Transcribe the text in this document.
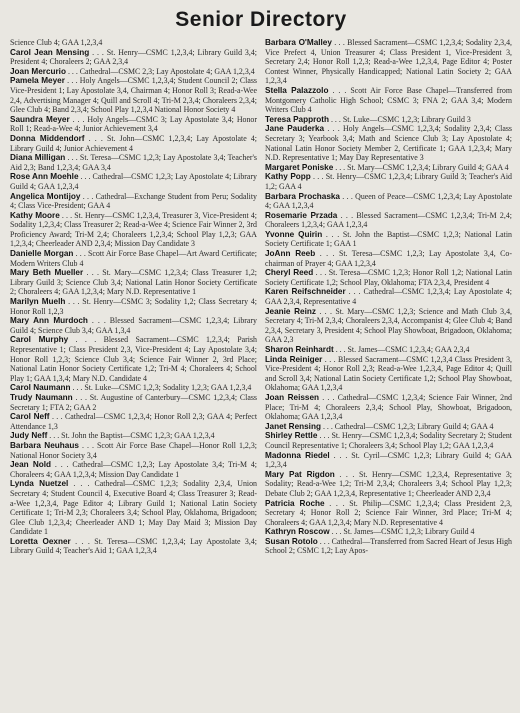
Senior Directory

Science Club 4; GAA 1,2,3,4

Carol Jean Mensing . . . St. Henry—CSMC 1,2,3,4; Library Guild 3,4; President 4; Choraleers 2; GAA 2,3,4

Joan Mercurio . . . Cathedral—CSMC 2,3; Lay Apostolate 4; GAA 1,2,3,4

Pamela Meyer . . . Holy Angels—CSMC 1,2,3,4; Student Council 2; Class Vice-President 1; Lay Apostolate 3,4, Chairman 4; Honor Roll 3; Read-a-Wee 2,4, Advertising Manager 4; Quill and Scroll 4; Tri-M 2,3,4; Choraleers 2,3,4; Glee Club 4; Band 2,3,4; School Play 1,2,3,4 National Honor Society 4

Saundra Meyer . . . Holy Angels—CSMC 3; Lay Apostolate 3,4; Honor Roll 1; Read-a-Wee 4; Junior Achievement 3,4

Donna Middendorf . . . St. John—CSMC 1,2,3,4; Lay Apostolate 4; Library Guild 4; Junior Achievement 4

Diana Milligan . . . St. Teresa—CSMC 1,2,3; Lay Apostolate 3,4; Teacher's Aid 2,3; Band 1,2,3,4; GAA 3,4

Rose Ann Moehle . . . Cathedral—CSMC 1,2,3; Lay Apostolate 4; Library Guild 4; GAA 1,2,3,4

Angelica Montijoy . . . Cathedral—Exchange Student from Peru; Sodality 4; Class Vice-President; GAA 4

Kathy Moore . . . St. Henry—CSMC 1,2,3,4, Treasurer 3, Vice-President 4; Sodality 1,2,3,4; Class Treasurer 2; Read-a-Wee 4; Science Fair Winner 2, 3rd Proficiency Award; Tri-M 2,4; Choraleers 1,2,3,4; School Play 1,2,3; GAA 1,2,3,4; Cheerleader AND 2,3,4; Mission Day Candidate 3

Danielle Morgan . . . Scott Air Force Base Chapel—Art Award Certificate; Modern Writers Club 4

Mary Beth Mueller . . . St. Mary—CSMC 1,2,3,4; Class Treasurer 1,2; Library Guild 3; Science Club 3,4; National Latin Honor Society Certificate 2; Choraleers 4; GAA 1,2,3,4; Mary N.D. Representative 1

Marilyn Muelh . . . St. Henry—CSMC 3; Sodality 1,2; Class Secretary 4; Honor Roll 1,2,3

Mary Ann Murdoch . . . Blessed Sacrament—CSMC 1,2,3,4; Library Guild 4; Science Club 3,4; GAA 1,3,4

Carol Murphy . . . Blessed Sacrament—CSMC 1,2,3,4; Parish Representative 1; Class President 2,3, Vice-President 4; Lay Apostolate 3,4; Honor Roll 1,2,3; Science Club 3,4; Science Fair Winner 2, 3rd Place; National Latin Honor Society Certificate 1,2; Tri-M 4; Choraleers 4; School Play 1; GAA 1,3,4; Mary N.D. Candidate 4

Carol Naumann . . . St. Luke—CSMC 1,2,3; Sodality 1,2,3; GAA 1,2,3,4

Trudy Naumann . . . St. Augustine of Canterbury—CSMC 1,2,3,4; Class Secretary 1; FTA 2; GAA 2

Carol Neff . . . Cathedral—CSMC 1,2,3,4; Honor Roll 2,3; GAA 4; Perfect Attendance 1,3

Judy Neff . . . St. John the Baptist—CSMC 1,2,3; GAA 1,2,3,4

Barbara Neuhaus . . . Scott Air Force Base Chapel—Honor Roll 1,2,3; National Honor Society 3,4

Jean Nold . . . Cathedral—CSMC 1,2,3; Lay Apostolate 3,4; Tri-M 4; Choraleers 4; GAA 1,2,3,4; Mission Day Candidate 1

Lynda Nuetzel . . . Cathedral—CSMC 1,2,3; Sodality 2,3,4, Union Secretary 4; Student Council 4, Executive Board 4; Class Treasurer 3; Read-a-Wee 1,2,3,4, Page Editor 4; Library Guild 1; National Latin Society Certificate 1; Tri-M 2,3; Choraleers 3,4; School Play, Oklahoma, Brigadoon; Glee Club 1,2,3,4; Cheerleader AND 1; May Day Maid 3; Mission Day Candidate 1

Loretta Oexner . . . St. Teresa—CSMC 1,2,3,4; Lay Apostolate 3,4; Library Guild 4; Teacher's Aid 1; GAA 1,2,3,4

Barbara O'Malley . . . Blessed Sacrament—CSMC 1,2,3,4; Sodality 2,3,4, Vice Prefect 4, Union Treasurer 4; Class President 1, Vice-President 3, Secretary 2,4; Honor Roll 1,2,3; Read-a-Wee 1,2,3,4, Page Editor 4; Poster Contest Winner, Physically Handicapped; National Latin Society 2; GAA 1,2,3,4

Stella Palazzolo . . . Scott Air Force Base Chapel—Transferred from Montgomery Catholic High School; CSMC 3; FNA 2; GAA 3,4; Modern Writers Club 4

Teresa Papproth . . . St. Luke—CSMC 1,2,3; Library Guild 3

Jane Pauderka . . . Holy Angels—CSMC 1,2,3,4; Sodality 2,3,4; Class Secretary 3; Yearbook 3,4; Math and Science Club 3; Lay Apostolate 4; National Latin Honor Society Member 2, Certificate 1; GAA 1,2,3,4; Mary N.D. Representative 1; May Day Representative 3

Margaret Poniske . . . St. Mary—CSMC 1,2,3,4; Library Guild 4; GAA 4

Kathy Popp . . . St. Henry—CSMC 1,2,3,4; Library Guild 3; Teacher's Aid 1,2; GAA 4

Barbara Prochaska . . . Queen of Peace—CSMC 1,2,3,4; Lay Apostolate 4; GAA 1,2,3,4

Rosemarie Przada . . . Blessed Sacrament—CSMC 1,2,3,4; Tri-M 2,4; Choraleers 1,2,3,4; GAA 1,2,3,4

Yvonne Quirin . . . St. John the Baptist—CSMC 1,2,3; National Latin Society Certificate 1; GAA 1

JoAnn Reeb . . . St. Teresa—CSMC 1,2,3; Lay Apostolate 3,4, Co-chairman of Prayer 4; GAA 1,2,3,4

Cheryl Reed . . . St. Teresa—CSMC 1,2,3; Honor Roll 1,2; National Latin Society Certificate 1,2; School Play, Oklahoma; FTA 2,3,4, President 4

Karen Reifschneider . . . Cathedral—CSMC 1,2,3,4; Lay Apostolate 4; GAA 2,3,4, Representative 4

Jeanie Reinz . . . St. Mary—CSMC 1,2,3; Science and Math Club 3,4, Secretary 4; Tri-M 2,3,4; Choraleers 2,3,4, Accompanist 4; Glee Club 4; Band 2,3,4, Secretary 3, President 4; School Play Showboat, Brigadoon, Oklahoma; GAA 2,3

Sharon Reinhardt . . . St. James—CSMC 1,2,3,4; GAA 2,3,4

Linda Reiniger . . . Blessed Sacrament—CSMC 1,2,3,4 Class President 3, Vice-President 4; Honor Roll 2,3; Read-a-Wee 1,2,3,4, Page Editor 4; Quill and Scroll 3,4; National Latin Society Certificate 1,2; School Play Showboat, Oklahoma; GAA 1,2,3,4

Joan Reissen . . . Cathedral—CSMC 1,2,3,4; Science Fair Winner, 2nd Place; Tri-M 4; Choraleers 2,3,4; School Play, Showboat, Brigadoon, Oklahoma; GAA 1,2,3,4

Janet Rensing . . . Cathedral—CSMC 1,2,3; Library Guild 4; GAA 4

Shirley Rettle . . . St. Henry—CSMC 1,2,3,4; Sodality Secretary 2; Student Council Representative 1; Choraleers 3,4; School Play 1,2; GAA 1,2,3,4

Madonna Riedel . . . St. Cyril—CSMC 1,2,3; Library Guild 4; GAA 1,2,3,4

Mary Pat Rigdon . . . St. Henry—CSMC 1,2,3,4, Representative 3; Sodality; Read-a-Wee 1,2; Tri-M 2,3,4; Choraleers 3,4; School Play 1,2,3; Debate Club 2; GAA 1,2,3,4, Representative 1; Cheerleader AND 2,3,4

Patricia Roche . . . St. Philip—CSMC 1,2,3,4; Class President 2,3, Secretary 4; Honor Roll 2; Science Fair Winner, 3rd Place; Tri-M 4; Choraleers 4; GAA 1,2,3,4; Mary N.D. Representative 4

Kathryn Roscow . . . St. James—CSMC 1,2,3; Library Guild 4

Susan Rotolo . . . Cathedral—Transferred from Sacred Heart of Jesus High School 2; CSMC 1,2; Lay Apos-
